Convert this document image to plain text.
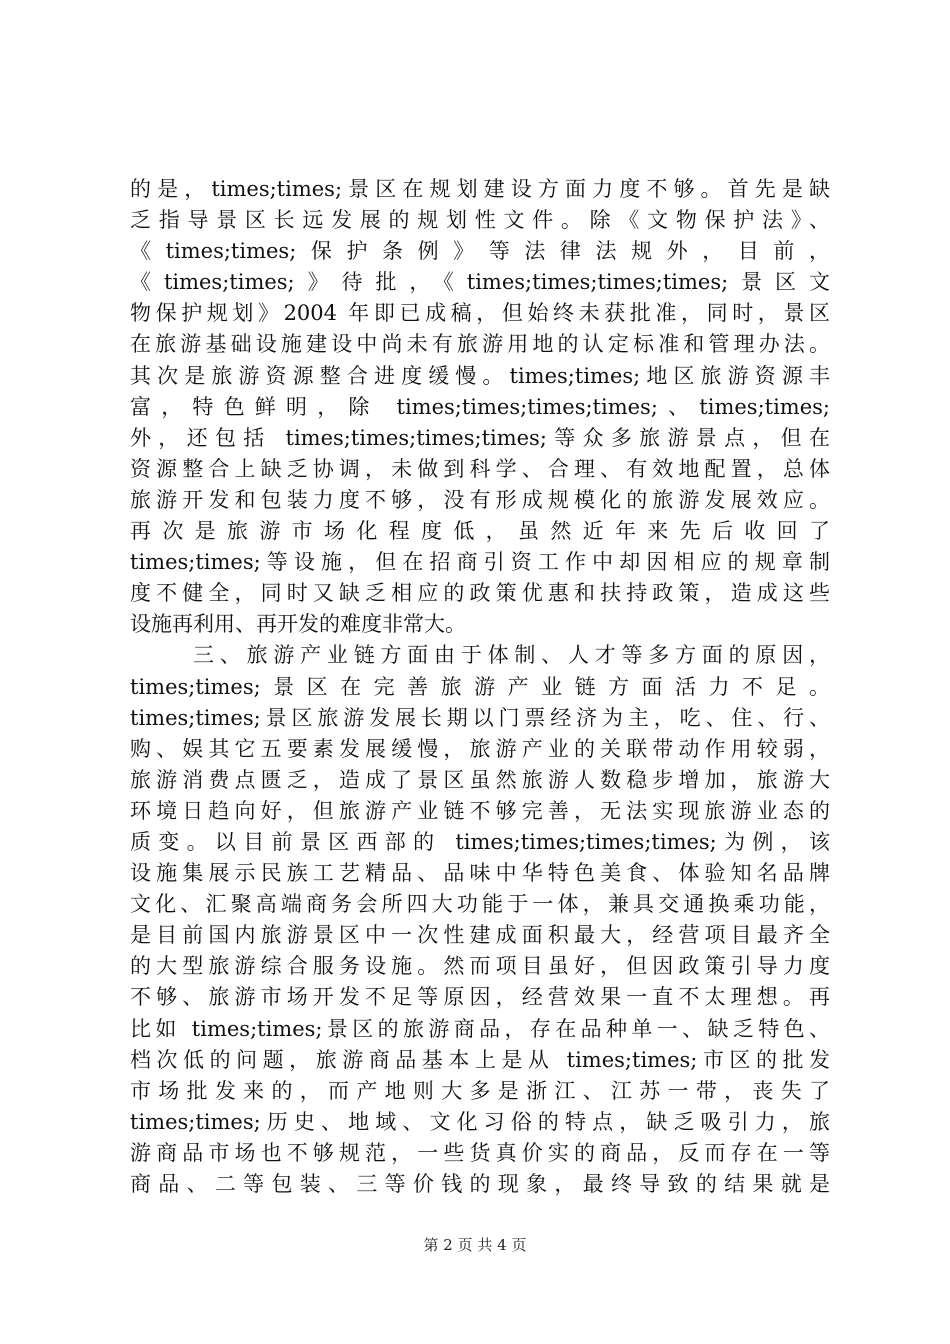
的是，times;times;景区在规划建设方面力度不够。首先是缺
乏指导景区长远发展的规划性文件。除《文物保护法》、
《times;times;保护条例》等法律法规外，目前，
《times;times;》待批，《times;times;times;times;景区文
物保护规划》2004 年即已成稿，但始终未获批准，同时，景区
在旅游基础设施建设中尚未有旅游用地的认定标准和管理办法。
其次是旅游资源整合进度缓慢。times;times;地区旅游资源丰
富，特色鲜明，除 times;times;times;times;、times;times;
外，还包括 times;times;times;times;等众多旅游景点，但在
资源整合上缺乏协调，未做到科学、合理、有效地配置，总体
旅游开发和包装力度不够，没有形成规模化的旅游发展效应。
再次是旅游市场化程度低，虽然近年来先后收回了
times;times;等设施，但在招商引资工作中却因相应的规章制
度不健全，同时又缺乏相应的政策优惠和扶持政策，造成这些
设施再利用、再开发的难度非常大。
三、旅游产业链方面由于体制、人才等多方面的原因，
times;times;景区在完善旅游产业链方面活力不足。
times;times;景区旅游发展长期以门票经济为主，吃、住、行、
购、娱其它五要素发展缓慢，旅游产业的关联带动作用较弱，
旅游消费点匮乏，造成了景区虽然旅游人数稳步增加，旅游大
环境日趋向好，但旅游产业链不够完善，无法实现旅游业态的
质变。以目前景区西部的 times;times;times;times;为例，该
设施集展示民族工艺精品、品味中华特色美食、体验知名品牌
文化、汇聚高端商务会所四大功能于一体，兼具交通换乘功能，
是目前国内旅游景区中一次性建成面积最大，经营项目最齐全
的大型旅游综合服务设施。然而项目虽好，但因政策引导力度
不够、旅游市场开发不足等原因，经营效果一直不太理想。再
比如 times;times;景区的旅游商品，存在品种单一、缺乏特色、
档次低的问题，旅游商品基本上是从 times;times;市区的批发
市场批发来的，而产地则大多是浙江、江苏一带，丧失了
times;times;历史、地域、文化习俗的特点，缺乏吸引力，旅
游商品市场也不够规范，一些货真价实的商品，反而存在一等
商品、二等包装、三等价钱的现象，最终导致的结果就是
第 2 页 共 4 页
